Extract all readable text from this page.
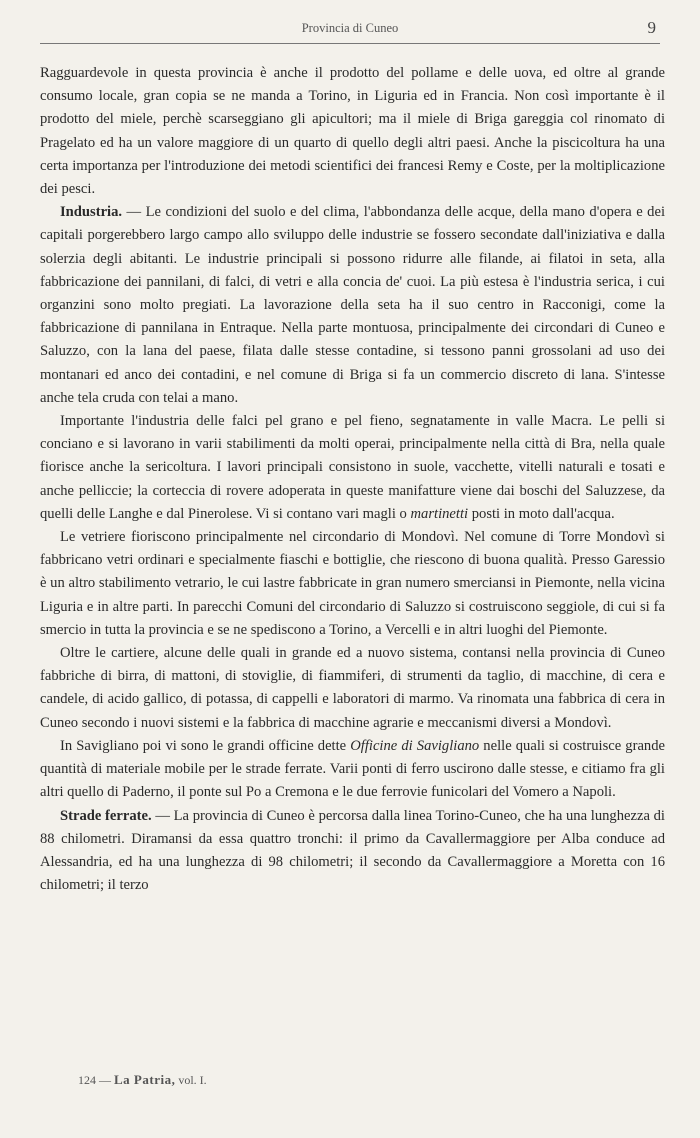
Provincia di Cuneo	9

Ragguardevole in questa provincia è anche il prodotto del pollame e delle uova, ed oltre al grande consumo locale, gran copia se ne manda a Torino, in Liguria ed in Francia. Non così importante è il prodotto del miele, perchè scarseggiano gli apicultori; ma il miele di Briga gareggia col rinomato di Pragelato ed ha un valore maggiore di un quarto di quello degli altri paesi. Anche la piscicoltura ha una certa importanza per l'introduzione dei metodi scientifici dei francesi Remy e Coste, per la moltiplicazione dei pesci.

Industria. — Le condizioni del suolo e del clima, l'abbondanza delle acque, della mano d'opera e dei capitali porgerebbero largo campo allo sviluppo delle industrie se fossero secondate dall'iniziativa e dalla solerzia degli abitanti. Le industrie principali si possono ridurre alle filande, ai filatoi in seta, alla fabbricazione dei pannilani, di falci, di vetri e alla concia de' cuoi. La più estesa è l'industria serica, i cui organzini sono molto pregiati. La lavorazione della seta ha il suo centro in Racconigi, come la fabbricazione di pannilana in Entraque. Nella parte montuosa, principalmente dei circondari di Cuneo e Saluzzo, con la lana del paese, filata dalle stesse contadine, si tessono panni grossolani ad uso dei montanari ed anco dei contadini, e nel comune di Briga si fa un commercio discreto di lana. S'intesse anche tela cruda con telai a mano.

Importante l'industria delle falci pel grano e pel fieno, segnatamente in valle Macra. Le pelli si conciano e si lavorano in varii stabilimenti da molti operai, principalmente nella città di Bra, nella quale fiorisce anche la sericoltura. I lavori principali consistono in suole, vacchette, vitelli naturali e tosati e anche pelliccie; la corteccia di rovere adoperata in queste manifatture viene dai boschi del Saluzzese, da quelli delle Langhe e dal Pinerolese. Vi si contano vari magli o martinetti posti in moto dall'acqua.

Le vetriere fioriscono principalmente nel circondario di Mondovì. Nel comune di Torre Mondovì si fabbricano vetri ordinari e specialmente fiaschi e bottiglie, che riescono di buona qualità. Presso Garessio è un altro stabilimento vetrario, le cui lastre fabbricate in gran numero smerciansi in Piemonte, nella vicina Liguria e in altre parti. In parecchi Comuni del circondario di Saluzzo si costruiscono seggiole, di cui si fa smercio in tutta la provincia e se ne spediscono a Torino, a Vercelli e in altri luoghi del Piemonte.

Oltre le cartiere, alcune delle quali in grande ed a nuovo sistema, contansi nella provincia di Cuneo fabbriche di birra, di mattoni, di stoviglie, di fiammiferi, di strumenti da taglio, di macchine, di cera e candele, di acido gallico, di potassa, di cappelli e laboratori di marmo. Va rinomata una fabbrica di cera in Cuneo secondo i nuovi sistemi e la fabbrica di macchine agrarie e meccanismi diversi a Mondovì.

In Savigliano poi vi sono le grandi officine dette Officine di Savigliano nelle quali si costruisce grande quantità di materiale mobile per le strade ferrate. Varii ponti di ferro uscirono dalle stesse, e citiamo fra gli altri quello di Paderno, il ponte sul Po a Cremona e le due ferrovie funicolari del Vomero a Napoli.

Strade ferrate. — La provincia di Cuneo è percorsa dalla linea Torino-Cuneo, che ha una lunghezza di 88 chilometri. Diramansi da essa quattro tronchi: il primo da Cavallermaggiore per Alba conduce ad Alessandria, ed ha una lunghezza di 98 chilometri; il secondo da Cavallermaggiore a Moretta con 16 chilometri; il terzo

124 — La Patria, vol. I.
